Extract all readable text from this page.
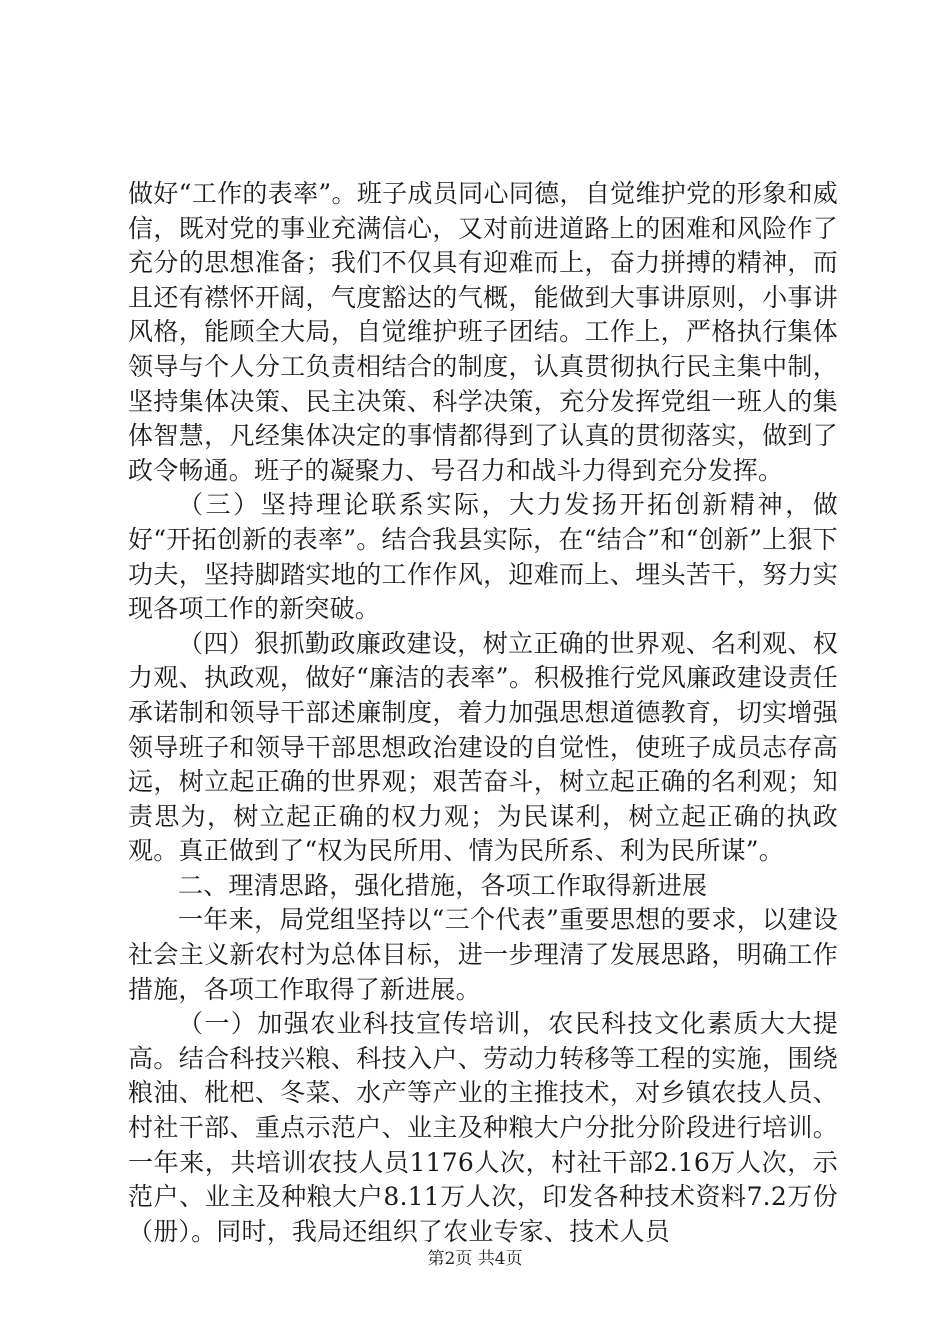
做好“工作的表率”。班子成员同心同德，自觉维护党的形象和威信，既对党的事业充满信心，又对前进道路上的困难和风险作了充分的思想准备；我们不仅具有迎难而上，奋力拼搏的精神，而且还有襟怀开阔，气度豁达的气概，能做到大事讲原则，小事讲风格，能顾全大局，自觉维护班子团结。工作上，严格执行集体领导与个人分工负责相结合的制度，认真贯彻执行民主集中制，坚持集体决策、民主决策、科学决策，充分发挥党组一班人的集体智慧，凡经集体决定的事情都得到了认真的贯彻落实，做到了政令畅通。班子的凝聚力、号召力和战斗力得到充分发挥。

（三）坚持理论联系实际，大力发扬开拓创新精神，做好“开拓创新的表率”。结合我县实际，在“结合”和“创新”上狠下功夫，坚持脚踏实地的工作作风，迎难而上、埋头苦干，努力实现各项工作的新突破。

（四）狠抓勤政廉政建设，树立正确的世界观、名利观、权力观、执政观，做好“廉洁的表率”。积极推行党风廉政建设责任承诺制和领导干部述廉制度，着力加强思想道德教育，切实增强领导班子和领导干部思想政治建设的自觉性，使班子成员志存高远，树立起正确的世界观；艰苦奋斗，树立起正确的名利观；知责思为，树立起正确的权力观；为民谋利，树立起正确的执政观。真正做到了“权为民所用、情为民所系、利为民所谋”。

二、理清思路，强化措施，各项工作取得新进展

一年来，局党组坚持以“三个代表”重要思想的要求，以建设社会主义新农村为总体目标，进一步理清了发展思路，明确工作措施，各项工作取得了新进展。

（一）加强农业科技宣传培训，农民科技文化素质大大提高。结合科技兴粮、科技入户、劳动力转移等工程的实施，围绕粮油、枇杷、冬菜、水产等产业的主推技术，对乡镇农技人员、村社干部、重点示范户、业主及种粮大户分批分阶段进行培训。一年来，共培训农技人员1176人次，村社干部2.16万人次，示范户、业主及种粮大户8.11万人次，印发各种技术资料7.2万份（册）。同时，我局还组织了农业专家、技术人员

第2页 共4页
